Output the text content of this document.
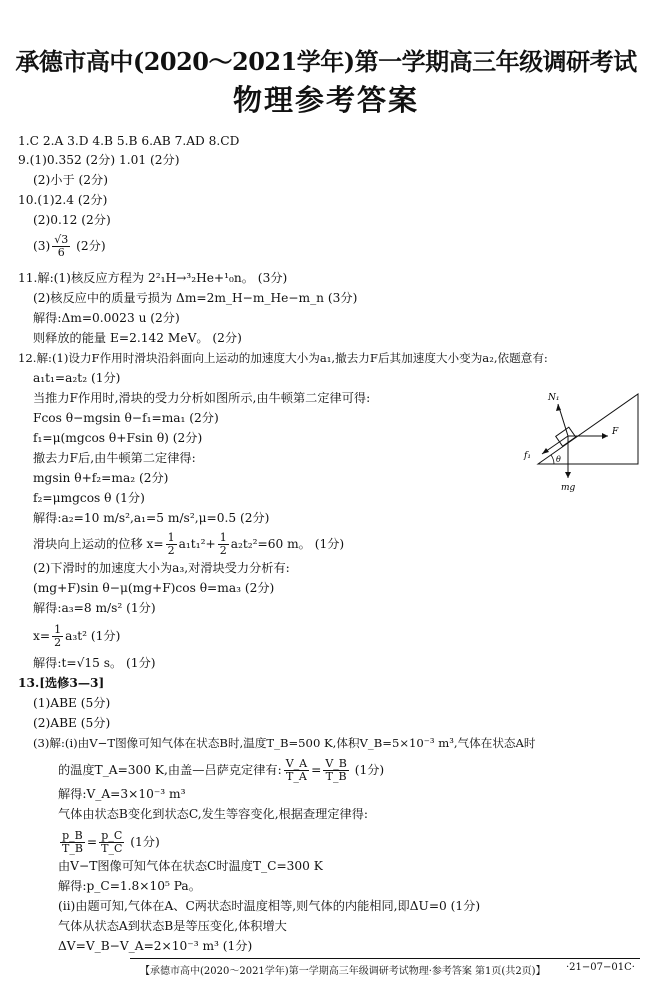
承德市高中(2020～2021学年)第一学期高三年级调研考试
物理参考答案
1.C 2.A 3.D 4.B 5.B 6.AB 7.AD 8.CD
9.(1)0.352 (2分) 1.01 (2分)
(2)小于 (2分)
10.(1)2.4 (2分)
(2)0.12 (2分)
$(3) \frac{√3}{6} (2$分)
11.解:(1)核反应方程为 2²₁H→³₂He+¹₀n。 (3分)
(2)核反应中的质量亏损为 Δm=2m_H−m_He−m_n (3分)
解得:Δm=0.0023 u (2分)
则释放的能量 E=2.142 MeV。 (2分)
12.解:(1)设力F作用时滑块沿斜面向上运动的加速度大小为a₁,撤去力F后其加速度大小变为a₂,依题意有:
a₁t₁=a₂t₂ (1分)
当推力F作用时,滑块的受力分析如图所示,由牛顿第二定律可得:
Fcos θ−mgsin θ−f₁=ma₁ (2分)
f₁=μ(mgcos θ+Fsin θ) (2分)
撤去力F后,由牛顿第二定律得:
mgsin θ+f₂=ma₂ (2分)
f₂=μmgcos θ (1分)
解得:a₂=10 m/s²,a₁=5 m/s²,μ=0.5 (2分)
滑块向上运动的位移 $x= \frac{1}{2} a_1t_1^2+ \frac{1}{2} a_2t_2^2=60$ m。 (1分)
(2)下滑时的加速度大小为a₃,对滑块受力分析有:
(mg+F)sin θ−μ(mg+F)cos θ=ma₃ (2分)
解得:a₃=8 m/s² (1分)
$x= \frac{1}{2} a_3t^2$ (1分)
解得:t=√15 s。 (1分)
13.[选修3—3]
(1)ABE (5分)
(2)ABE (5分)
(3)解:(ⅰ)由V−T图像可知气体在状态B时,温度T_B=500 K,体积V_B=5×10⁻³ m³,气体在状态A时
的温度T_A=300 K,由盖—吕萨克定律有: $\frac{V\_A}{T\_A} = \frac{V\_B}{T\_B} (1$分)
解得:V_A=3×10⁻³ m³
气体由状态B变化到状态C,发生等容变化,根据查理定律得:
$\frac{p\_B}{T\_B} = \frac{p\_C}{T\_C} (1$分)
由V−T图像可知气体在状态C时温度T_C=300 K
解得:p_C=1.8×10⁵ Pa。
(ⅱ)由题可知,气体在A、C两状态时温度相等,则气体的内能相同,即ΔU=0 (1分)
气体从状态A到状态B是等压变化,体积增大
ΔV=V_B−V_A=2×10⁻³ m³ (1分)
N₁
F
f₁	θ
mg
【承德市高中(2020～2021学年)第一学期高三年级调研考试物理·参考答案 第1页(共2页)】 ·21−07−01C·
